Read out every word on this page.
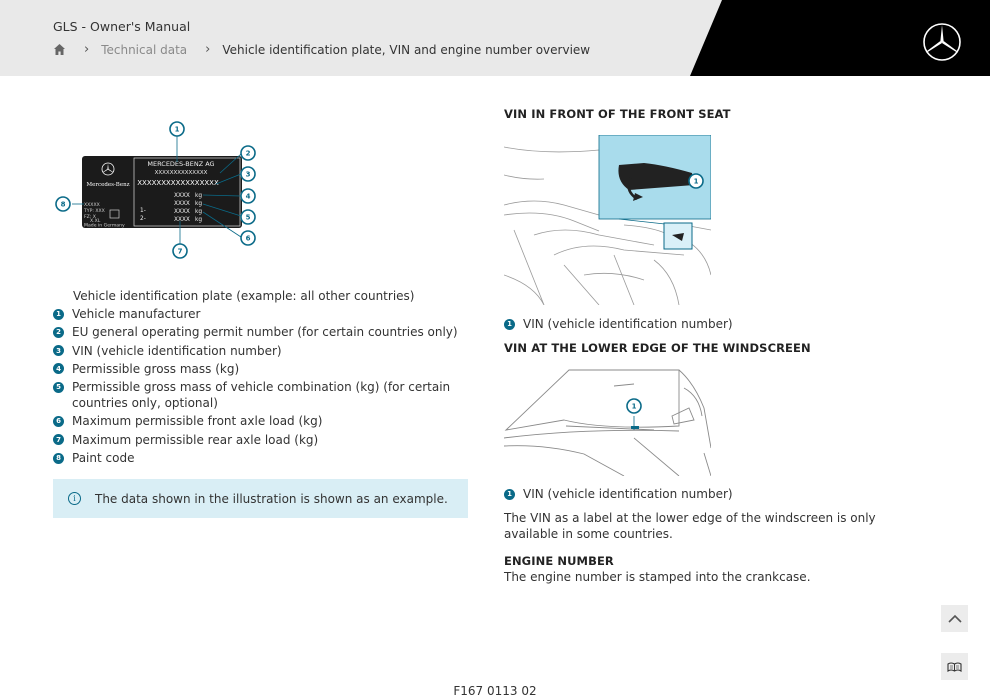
GLS - Owner's Manual
› Technical data › Vehicle identification plate, VIN and engine number overview
Mercedes-Benz
MERCEDES-BENZ AG
XXXXXXXXXXXXXX
XXXXXXXXXXXXXXXXX
1-
2-
XXXX kg
XXXX kg
XXXX kg
XXXX kg
XXXXX
TYP: XXX
FZ: X
X.XL
Made in Germany
1
2
3
4
5
6
7
8
Vehicle identification plate (example: all other countries)
1 Vehicle manufacturer
2 EU general operating permit number (for certain countries only)
3 VIN (vehicle identification number)
4 Permissible gross mass (kg)
5 Permissible gross mass of vehicle combination (kg) (for certain countries only, optional)
6 Maximum permissible front axle load (kg)
7 Maximum permissible rear axle load (kg)
8 Paint code
i	The data shown in the illustration is shown as an example.
VIN IN FRONT OF THE FRONT SEAT
1
1 VIN (vehicle identification number)
VIN AT THE LOWER EDGE OF THE WINDSCREEN
1
1 VIN (vehicle identification number)
The VIN as a label at the lower edge of the windscreen is only available in some countries.
ENGINE NUMBER
The engine number is stamped into the crankcase.
F167 0113 02
